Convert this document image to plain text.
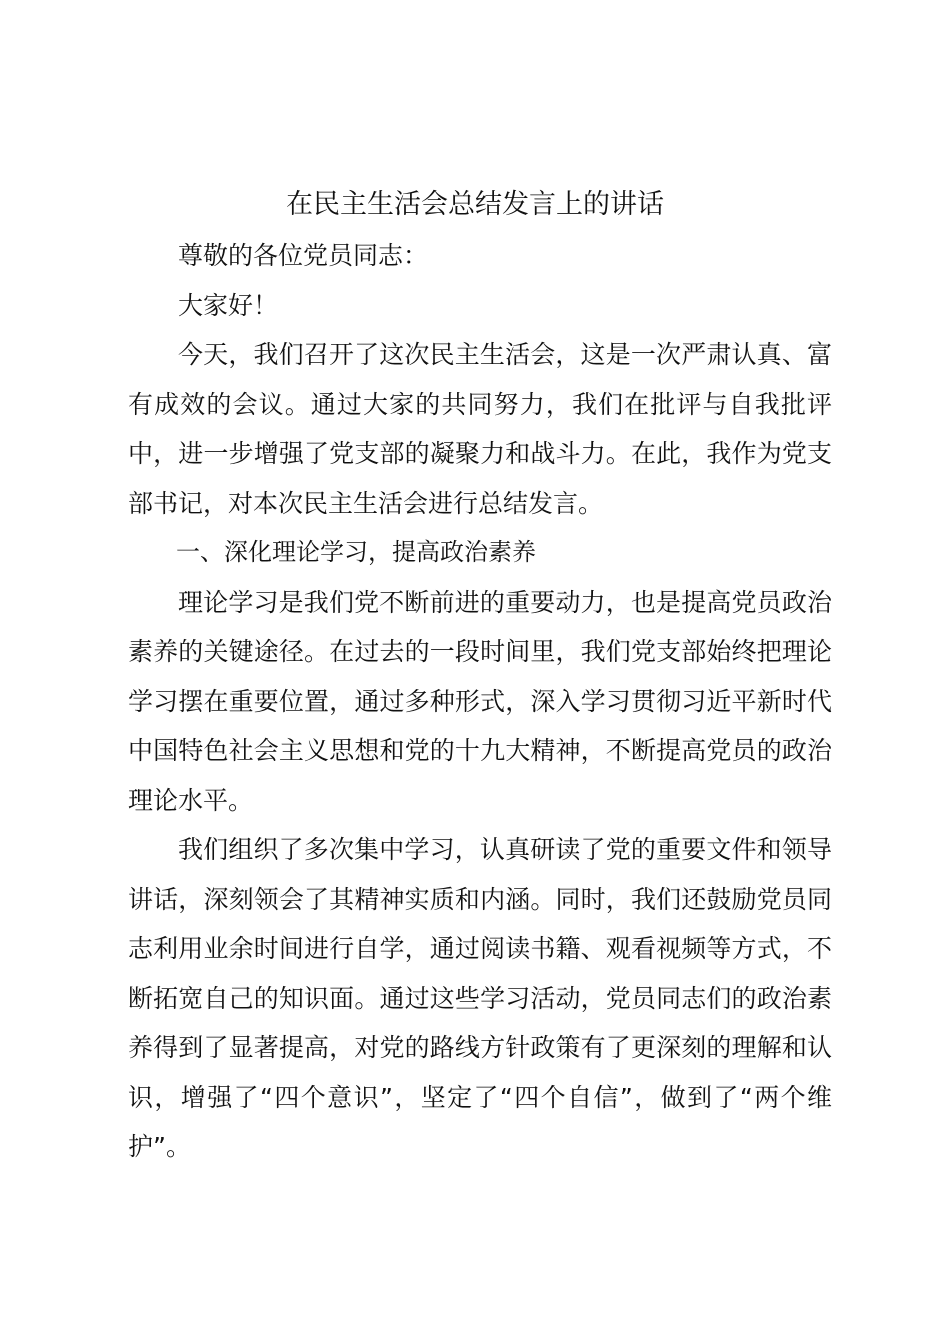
在民主生活会总结发言上的讲话

尊敬的各位党员同志：

大家好！

今天，我们召开了这次民主生活会，这是一次严肃认真、富有成效的会议。通过大家的共同努力，我们在批评与自我批评中，进一步增强了党支部的凝聚力和战斗力。在此，我作为党支部书记，对本次民主生活会进行总结发言。

一、深化理论学习，提高政治素养

理论学习是我们党不断前进的重要动力，也是提高党员政治素养的关键途径。在过去的一段时间里，我们党支部始终把理论学习摆在重要位置，通过多种形式，深入学习贯彻习近平新时代中国特色社会主义思想和党的十九大精神，不断提高党员的政治理论水平。

我们组织了多次集中学习，认真研读了党的重要文件和领导讲话，深刻领会了其精神实质和内涵。同时，我们还鼓励党员同志利用业余时间进行自学，通过阅读书籍、观看视频等方式，不断拓宽自己的知识面。通过这些学习活动，党员同志们的政治素养得到了显著提高，对党的路线方针政策有了更深刻的理解和认识，增强了“四个意识”，坚定了“四个自信”，做到了“两个维护”。
